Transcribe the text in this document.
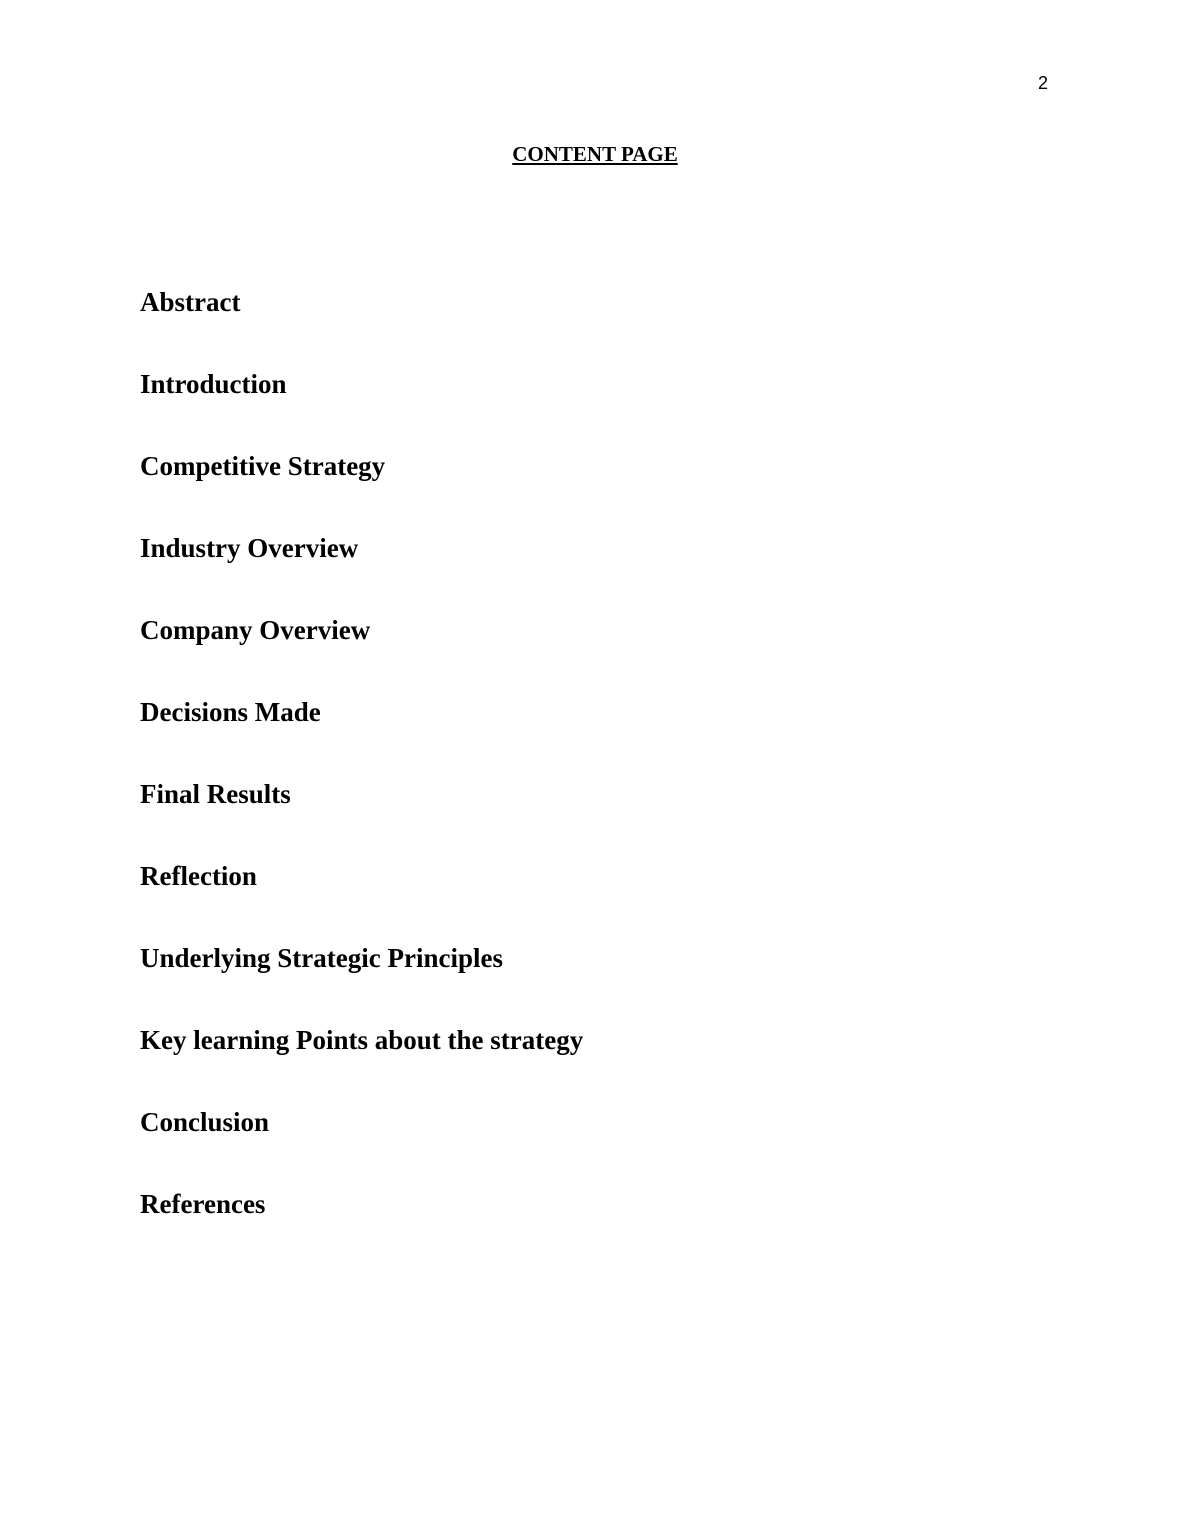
2
CONTENT PAGE
Abstract
Introduction
Competitive Strategy
Industry Overview
Company Overview
Decisions Made
Final Results
Reflection
Underlying Strategic Principles
Key learning Points about the strategy
Conclusion
References
